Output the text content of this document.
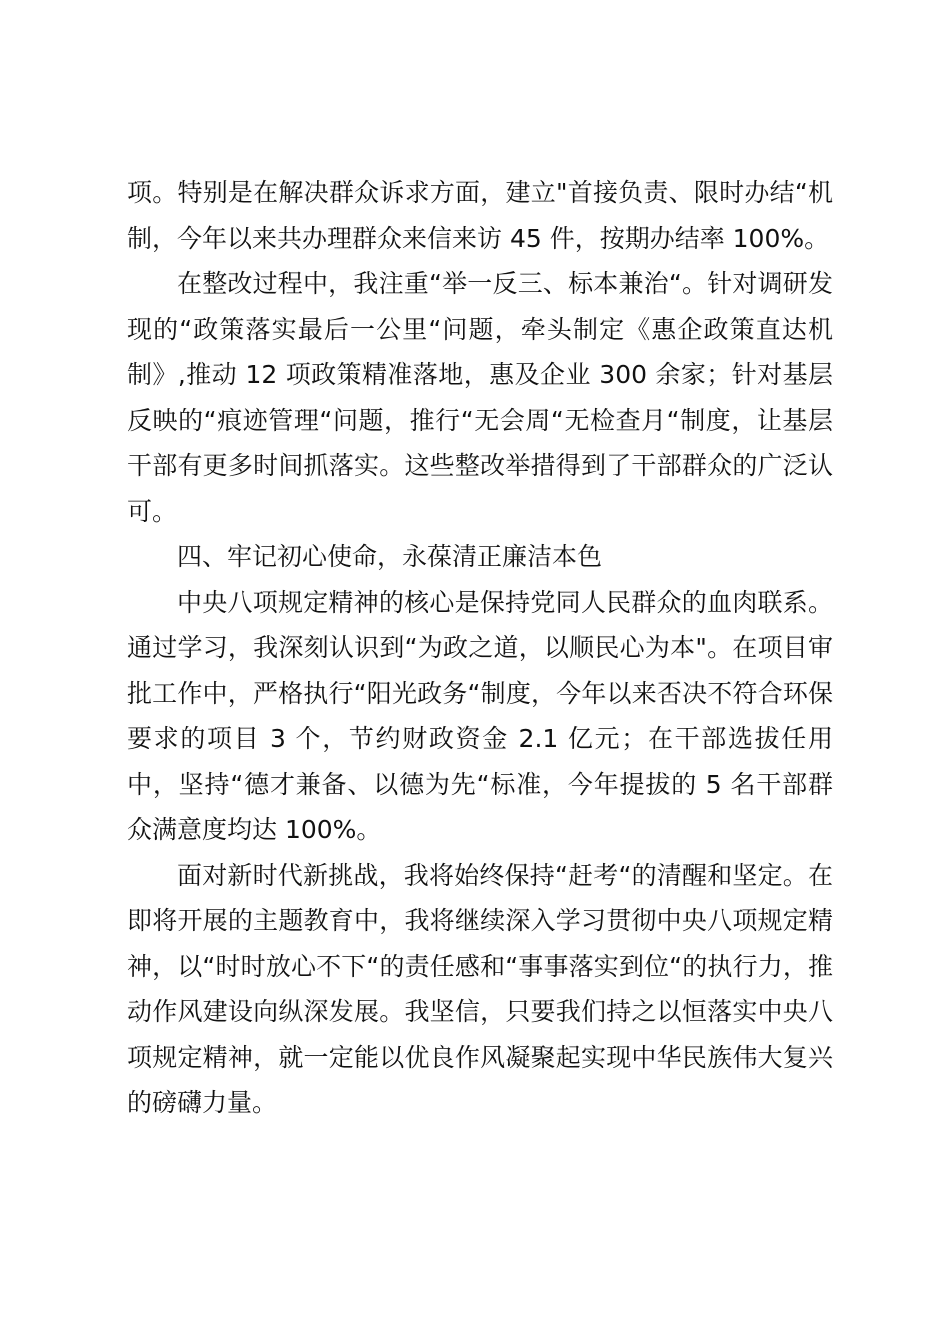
项。特别是在解决群众诉求方面，建立"首接负责、限时办结“机制，今年以来共办理群众来信来访 45 件，按期办结率 100%。

在整改过程中，我注重“举一反三、标本兼治“。针对调研发现的“政策落实最后一公里“问题，牵头制定《惠企政策直达机制》,推动 12 项政策精准落地，惠及企业 300 余家；针对基层反映的“痕迹管理“问题，推行“无会周“无检查月“制度，让基层干部有更多时间抓落实。这些整改举措得到了干部群众的广泛认可。

四、牢记初心使命，永葆清正廉洁本色

中央八项规定精神的核心是保持党同人民群众的血肉联系。通过学习，我深刻认识到“为政之道，以顺民心为本"。在项目审批工作中，严格执行“阳光政务“制度，今年以来否决不符合环保要求的项目 3 个，节约财政资金 2.1 亿元；在干部选拔任用中，坚持“德才兼备、以德为先“标准，今年提拔的 5 名干部群众满意度均达 100%。

面对新时代新挑战，我将始终保持“赶考“的清醒和坚定。在即将开展的主题教育中，我将继续深入学习贯彻中央八项规定精神，以“时时放心不下“的责任感和“事事落实到位“的执行力，推动作风建设向纵深发展。我坚信，只要我们持之以恒落实中央八项规定精神，就一定能以优良作风凝聚起实现中华民族伟大复兴的磅礴力量。
